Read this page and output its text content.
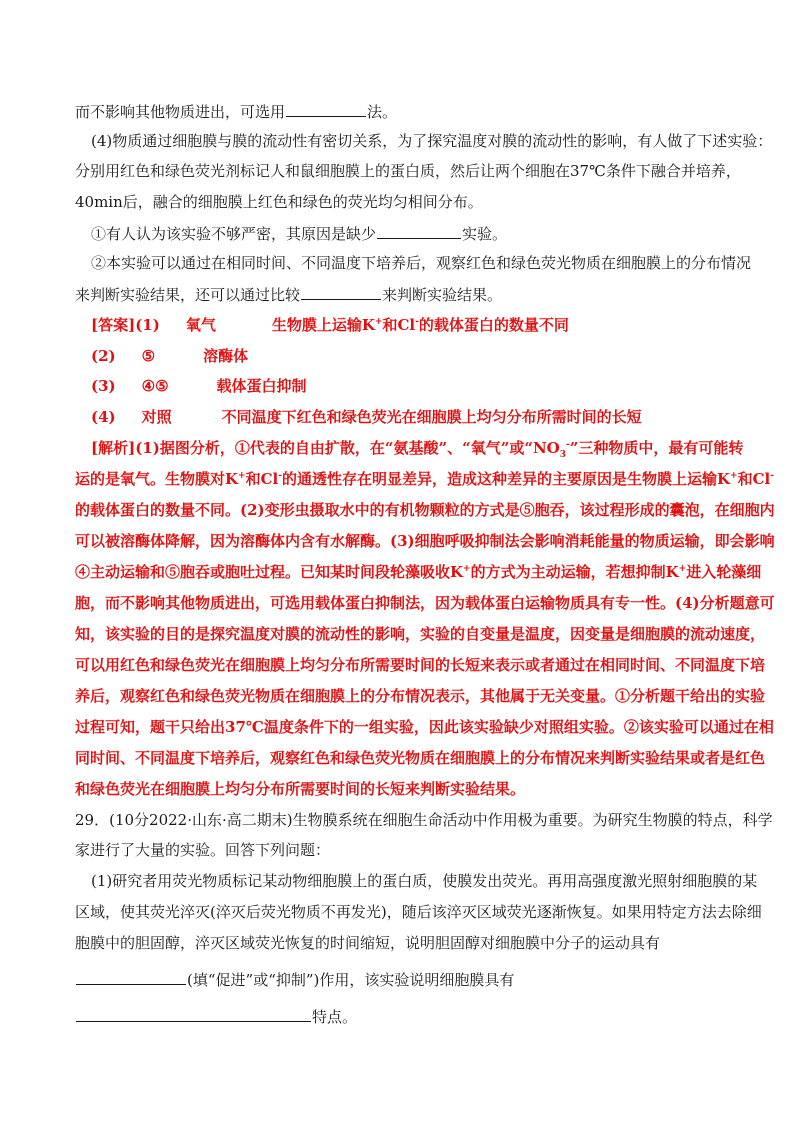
而不影响其他物质进出，可选用	法。
(4)物质通过细胞膜与膜的流动性有密切关系，为了探究温度对膜的流动性的影响，有人做了下述实验：
分别用红色和绿色荧光剂标记人和鼠细胞膜上的蛋白质，然后让两个细胞在37℃条件下融合并培养，
40min后，融合的细胞膜上红色和绿色的荧光均匀相间分布。
①有人认为该实验不够严密，其原因是缺少	实验。
②本实验可以通过在相同时间、不同温度下培养后，观察红色和绿色荧光物质在细胞膜上的分布情况
来判断实验结果，还可以通过比较	来判断实验结果。
[答案](1) 氧气	生物膜上运输K+和Cl-的载体蛋白的数量不同
(2) ⑤	溶酶体
(3) ④⑤	载体蛋白抑制
(4) 对照	不同温度下红色和绿色荧光在细胞膜上均匀分布所需时间的长短
[解析](1)据图分析，①代表的自由扩散，在“氨基酸”、“氧气”或“$NO_3^-$”三种物质中，最有可能转
运的是氧气。生物膜对K+和Cl-的通透性存在明显差异，造成这种差异的主要原因是生物膜上运输K+和Cl-
的载体蛋白的数量不同。(2)变形虫摄取水中的有机物颗粒的方式是⑤胞吞，该过程形成的囊泡，在细胞内
可以被溶酶体降解，因为溶酶体内含有水解酶。(3)细胞呼吸抑制法会影响消耗能量的物质运输，即会影响
④主动运输和⑤胞吞或胞吐过程。已知某时间段轮藻吸收K+的方式为主动运输，若想抑制K+进入轮藻细
胞，而不影响其他物质进出，可选用载体蛋白抑制法，因为载体蛋白运输物质具有专一性。(4)分析题意可
知，该实验的目的是探究温度对膜的流动性的影响，实验的自变量是温度，因变量是细胞膜的流动速度，
可以用红色和绿色荧光在细胞膜上均匀分布所需要时间的长短来表示或者通过在相同时间、不同温度下培
养后，观察红色和绿色荧光物质在细胞膜上的分布情况表示，其他属于无关变量。①分析题干给出的实验
过程可知，题干只给出37℃温度条件下的一组实验，因此该实验缺少对照组实验。②该实验可以通过在相
同时间、不同温度下培养后，观察红色和绿色荧光物质在细胞膜上的分布情况来判断实验结果或者是红色
和绿色荧光在细胞膜上均匀分布所需要时间的长短来判断实验结果。
29．(10分2022·山东·高二期末)生物膜系统在细胞生命活动中作用极为重要。为研究生物膜的特点，科学
家进行了大量的实验。回答下列问题：
(1)研究者用荧光物质标记某动物细胞膜上的蛋白质，使膜发出荧光。再用高强度激光照射细胞膜的某
区域，使其荧光淬灭(淬灭后荧光物质不再发光)，随后该淬灭区域荧光逐渐恢复。如果用特定方法去除细
胞膜中的胆固醇，淬灭区域荧光恢复的时间缩短，说明胆固醇对细胞膜中分子的运动具有
(填“促进”或“抑制”)作用，该实验说明细胞膜具有
特点。
